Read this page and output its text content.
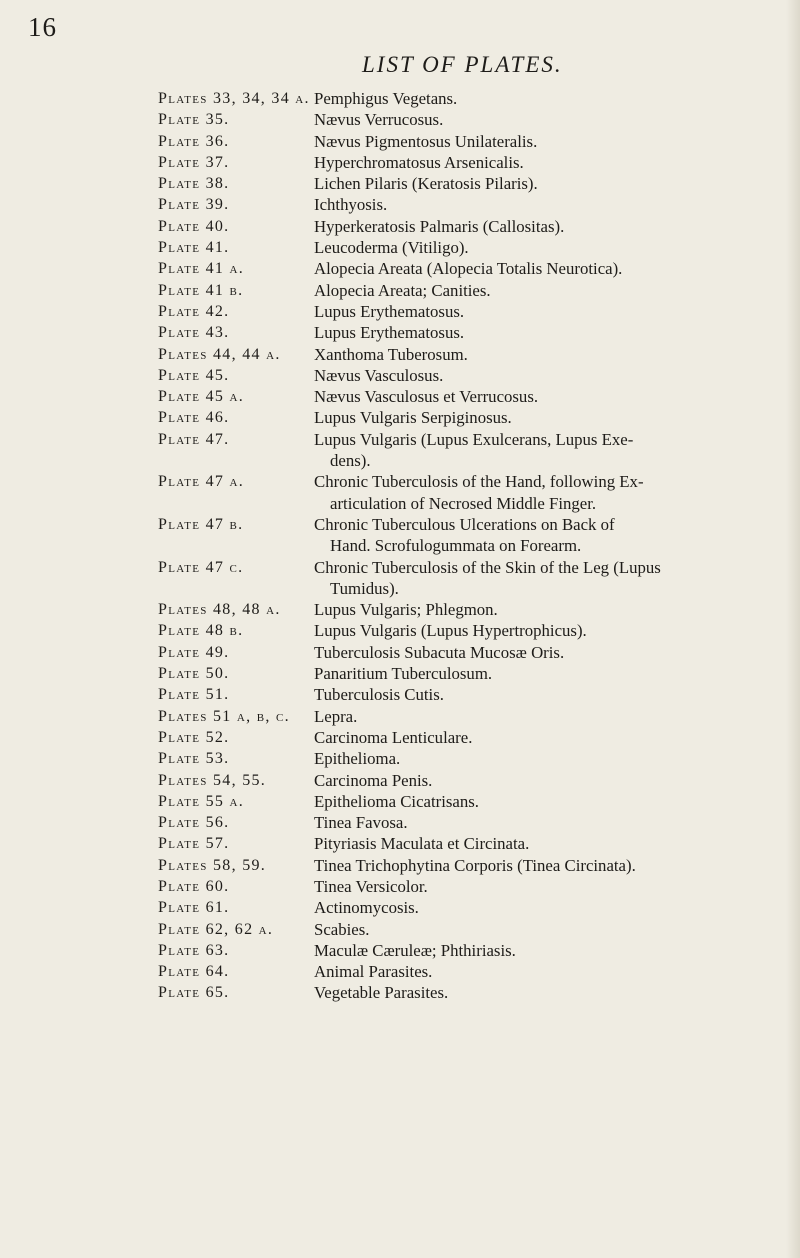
16
LIST OF PLATES.
Plates 33, 34, 34 a. Pemphigus Vegetans.
Plate 35.	Nævus Verrucosus.
Plate 36.	Nævus Pigmentosus Unilateralis.
Plate 37.	Hyperchromatosus Arsenicalis.
Plate 38.	Lichen Pilaris (Keratosis Pilaris).
Plate 39.	Ichthyosis.
Plate 40.	Hyperkeratosis Palmaris (Callositas).
Plate 41.	Leucoderma (Vitiligo).
Plate 41 a.	Alopecia Areata (Alopecia Totalis Neurotica).
Plate 41 b.	Alopecia Areata; Canities.
Plate 42.	Lupus Erythematosus.
Plate 43.	Lupus Erythematosus.
Plates 44, 44 a.	Xanthoma Tuberosum.
Plate 45.	Nævus Vasculosus.
Plate 45 a.	Nævus Vasculosus et Verrucosus.
Plate 46.	Lupus Vulgaris Serpiginosus.
Plate 47.	Lupus Vulgaris (Lupus Exulcerans, Lupus Exe-
dens).
Plate 47 a.	Chronic Tuberculosis of the Hand, following Ex-
articulation of Necrosed Middle Finger.
Plate 47 b.	Chronic Tuberculous Ulcerations on Back of
Hand. Scrofulogummata on Forearm.
Plate 47 c.	Chronic Tuberculosis of the Skin of the Leg (Lupus
Tumidus).
Plates 48, 48 a.	Lupus Vulgaris; Phlegmon.
Plate 48 b.	Lupus Vulgaris (Lupus Hypertrophicus).
Plate 49.	Tuberculosis Subacuta Mucosæ Oris.
Plate 50.	Panaritium Tuberculosum.
Plate 51.	Tuberculosis Cutis.
Plates 51 a, b, c.	Lepra.
Plate 52.	Carcinoma Lenticulare.
Plate 53.	Epithelioma.
Plates 54, 55.	Carcinoma Penis.
Plate 55 a.	Epithelioma Cicatrisans.
Plate 56.	Tinea Favosa.
Plate 57.	Pityriasis Maculata et Circinata.
Plates 58, 59.	Tinea Trichophytina Corporis (Tinea Circinata).
Plate 60.	Tinea Versicolor.
Plate 61.	Actinomycosis.
Plate 62, 62 a.	Scabies.
Plate 63.	Maculæ Cæruleæ; Phthiriasis.
Plate 64.	Animal Parasites.
Plate 65.	Vegetable Parasites.
